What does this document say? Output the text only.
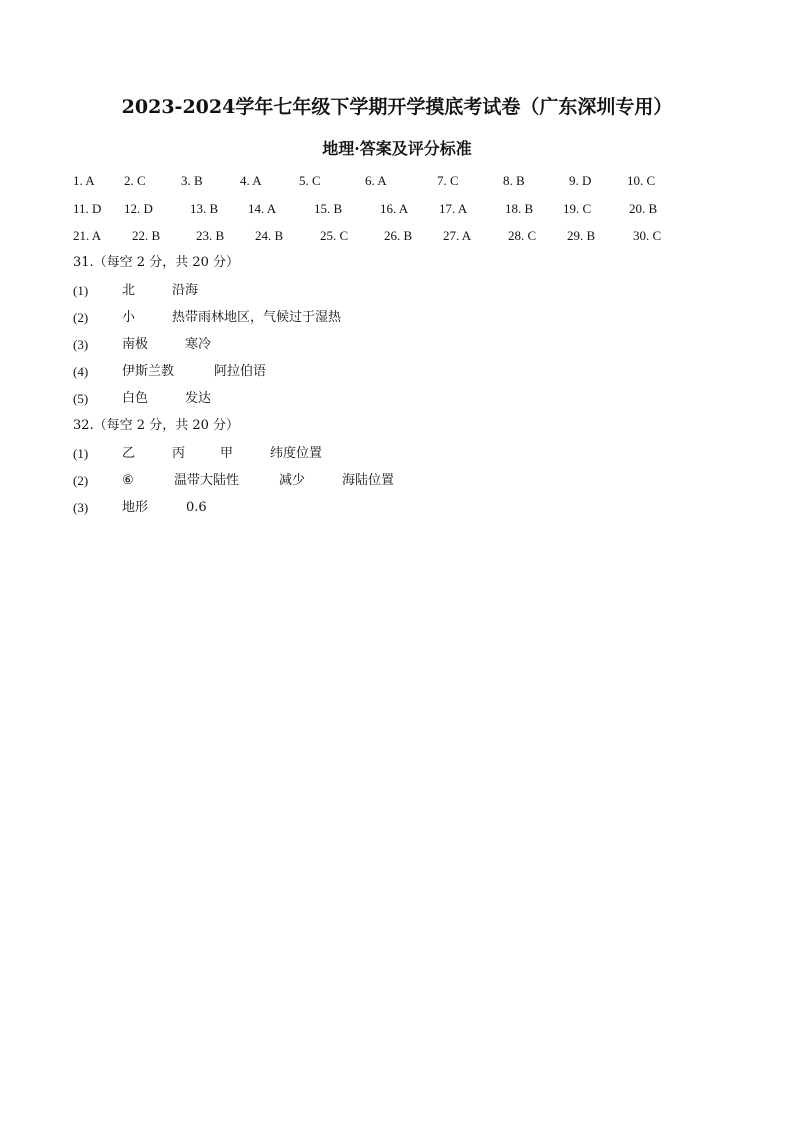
2023-2024学年七年级下学期开学摸底考试卷（广东深圳专用）
地理·答案及评分标准
1. A 2. C	3. B	4. A	5. C	6. A	7. C	8. B	9. D	10. C
11. D 12. D	13. B 14. A	15. B	16. A 17. A	18. B 19. C	20. B
21. A 22. B	23. B 24. B	25. C	26. B 27. A	28. C 29. B	30. C
31.（每空 2 分，共 20 分）
(1)	北	沿海
(2)	小	热带雨林地区，气候过于湿热
(3)	南极	寒冷
(4)	伊斯兰教	阿拉伯语
(5)	白色	发达
32.（每空 2 分，共 20 分）
(1)	乙	丙	甲	纬度位置
(2)	⑥	温带大陆性	减少	海陆位置
(3)	地形	0.6
